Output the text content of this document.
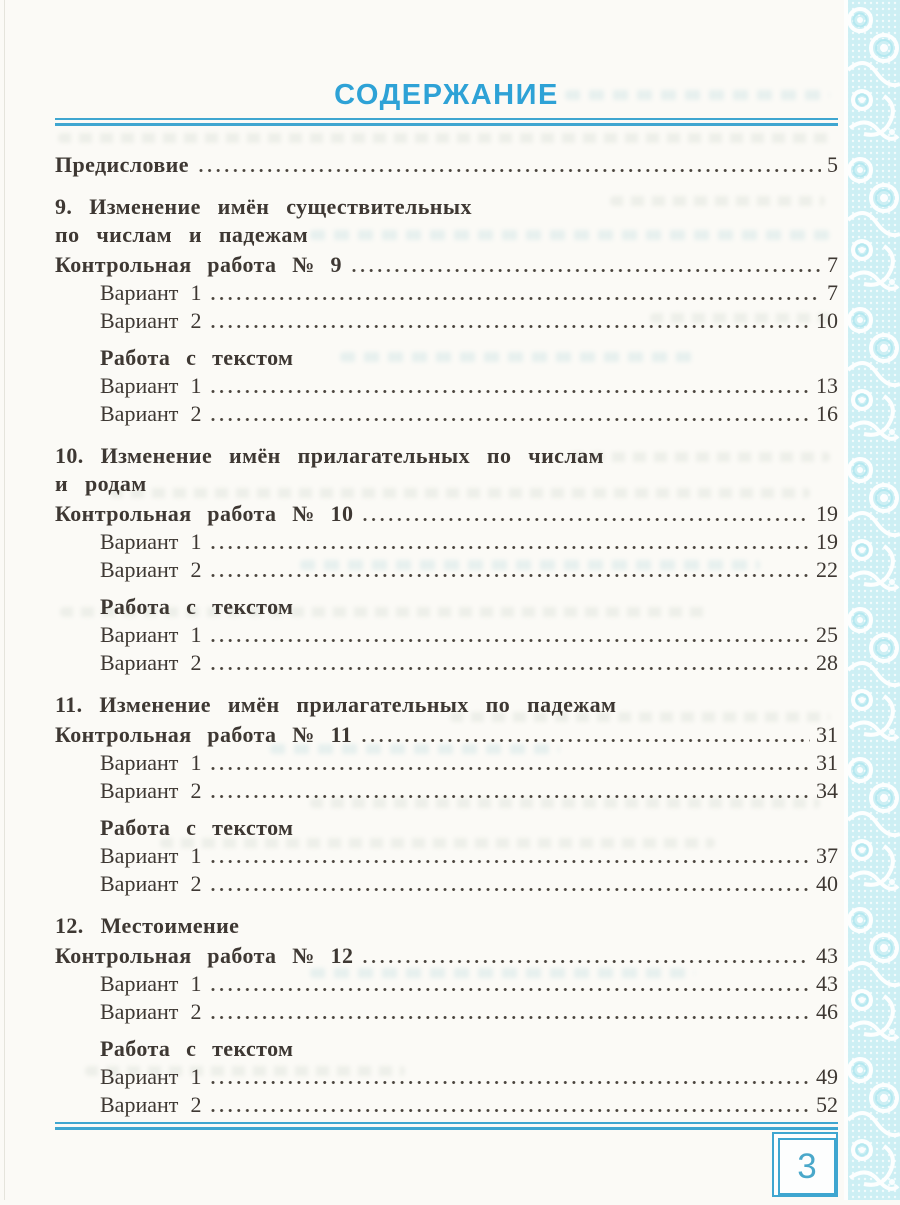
СОДЕРЖАНИЕ
Предисловие	5
9. Изменение имён существительных
по числам и падежам
Контрольная работа № 9	7
Вариант 1	7
Вариант 2	10
Работа с текстом
Вариант 1	13
Вариант 2	16
10. Изменение имён прилагательных по числам
и родам
Контрольная работа № 10	19
Вариант 1	19
Вариант 2	22
Работа с текстом
Вариант 1	25
Вариант 2	28
11. Изменение имён прилагательных по падежам
Контрольная работа № 11	31
Вариант 1	31
Вариант 2	34
Работа с текстом
Вариант 1	37
Вариант 2	40
12. Местоимение
Контрольная работа № 12	43
Вариант 1	43
Вариант 2	46
Работа с текстом
Вариант 1	49
Вариант 2	52
3
